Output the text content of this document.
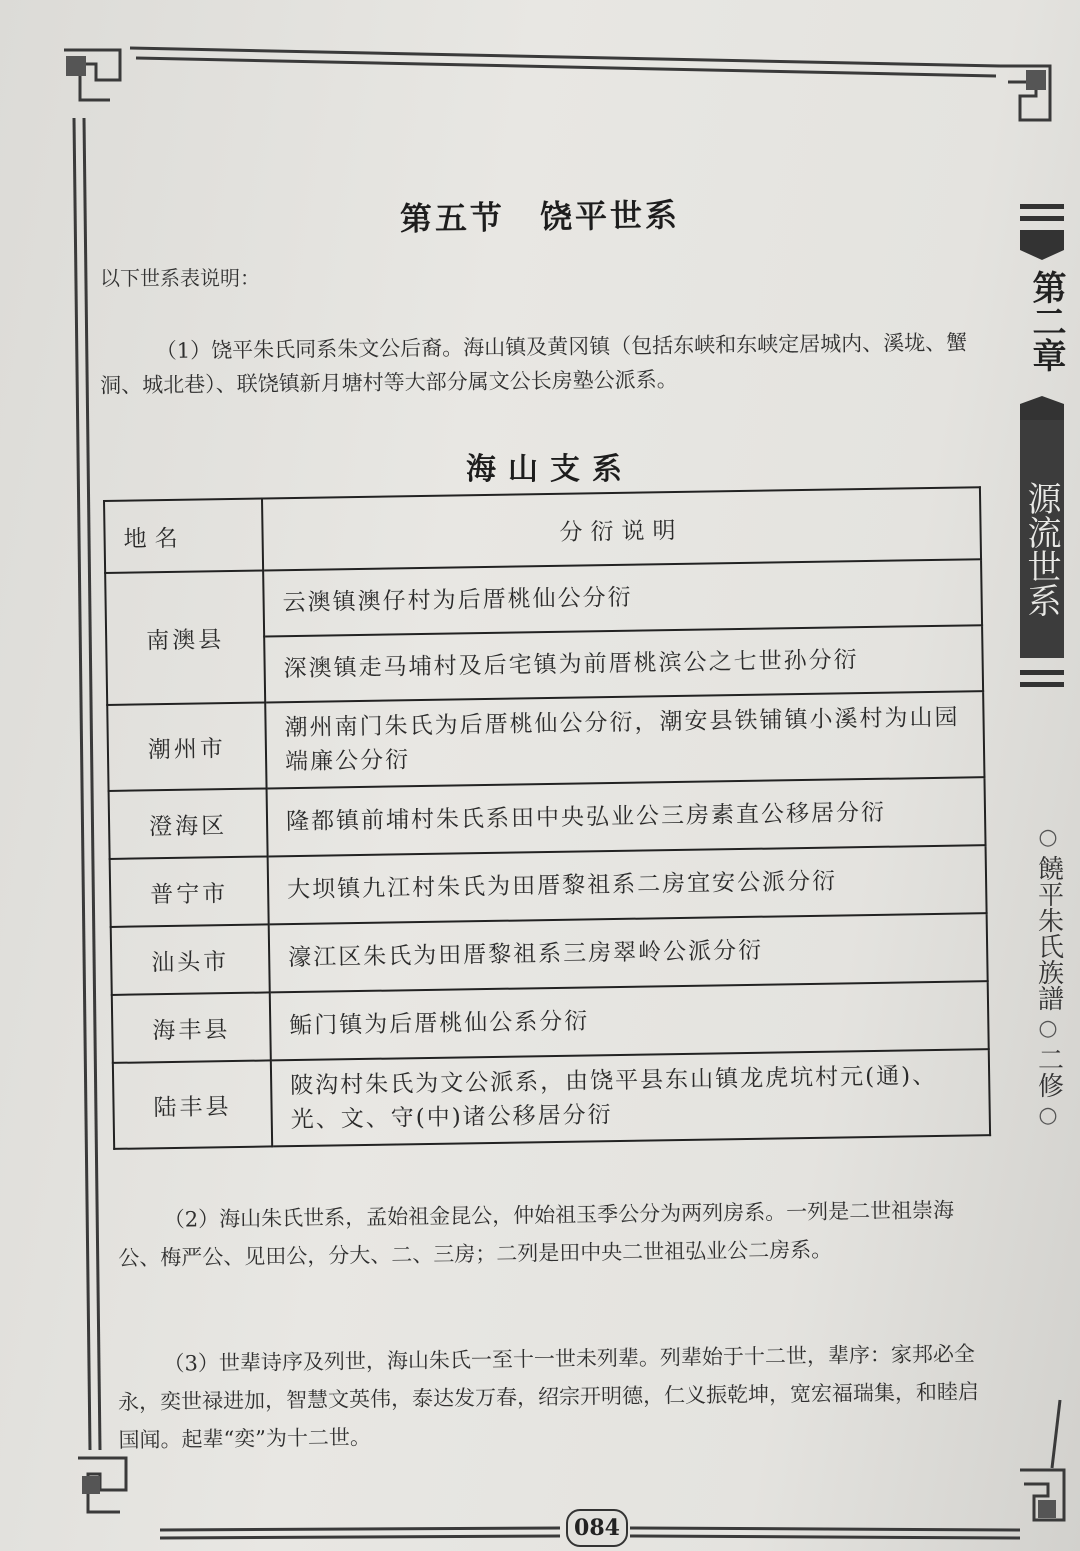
第五节　饶平世系
以下世系表说明：
（1）饶平朱氏同系朱文公后裔。海山镇及黄冈镇（包括东峡和东峡定居城内、溪垅、蟹洞、城北巷）、联饶镇新月塘村等大部分属文公长房塾公派系。
海山支系
地名	分衍说明
南澳县	云澳镇澳仔村为后厝桃仙公分衍
	深澳镇走马埔村及后宅镇为前厝桃滨公之七世孙分衍
潮州市	潮州南门朱氏为后厝桃仙公分衍，潮安县铁铺镇小溪村为山园端廉公分衍
澄海区	隆都镇前埔村朱氏系田中央弘业公三房素直公移居分衍
普宁市	大坝镇九江村朱氏为田厝黎祖系二房宜安公派分衍
汕头市	濠江区朱氏为田厝黎祖系三房翠岭公派分衍
海丰县	鲘门镇为后厝桃仙公系分衍
陆丰县	陂沟村朱氏为文公派系，由饶平县东山镇龙虎坑村元(通)、光、文、守(中)诸公移居分衍
第二章
源流世系
○
饒平朱氏族譜
○
二修
○
（2）海山朱氏世系，孟始祖金昆公，仲始祖玉季公分为两列房系。一列是二世祖崇海公、梅严公、见田公，分大、二、三房；二列是田中央二世祖弘业公二房系。
（3）世辈诗序及列世，海山朱氏一至十一世未列辈。列辈始于十二世，辈序：家邦必全永，奕世禄进加，智慧文英伟，泰达发万春，绍宗开明德，仁义振乾坤，宽宏福瑞集，和睦启国闻。起辈“奕”为十二世。
084
